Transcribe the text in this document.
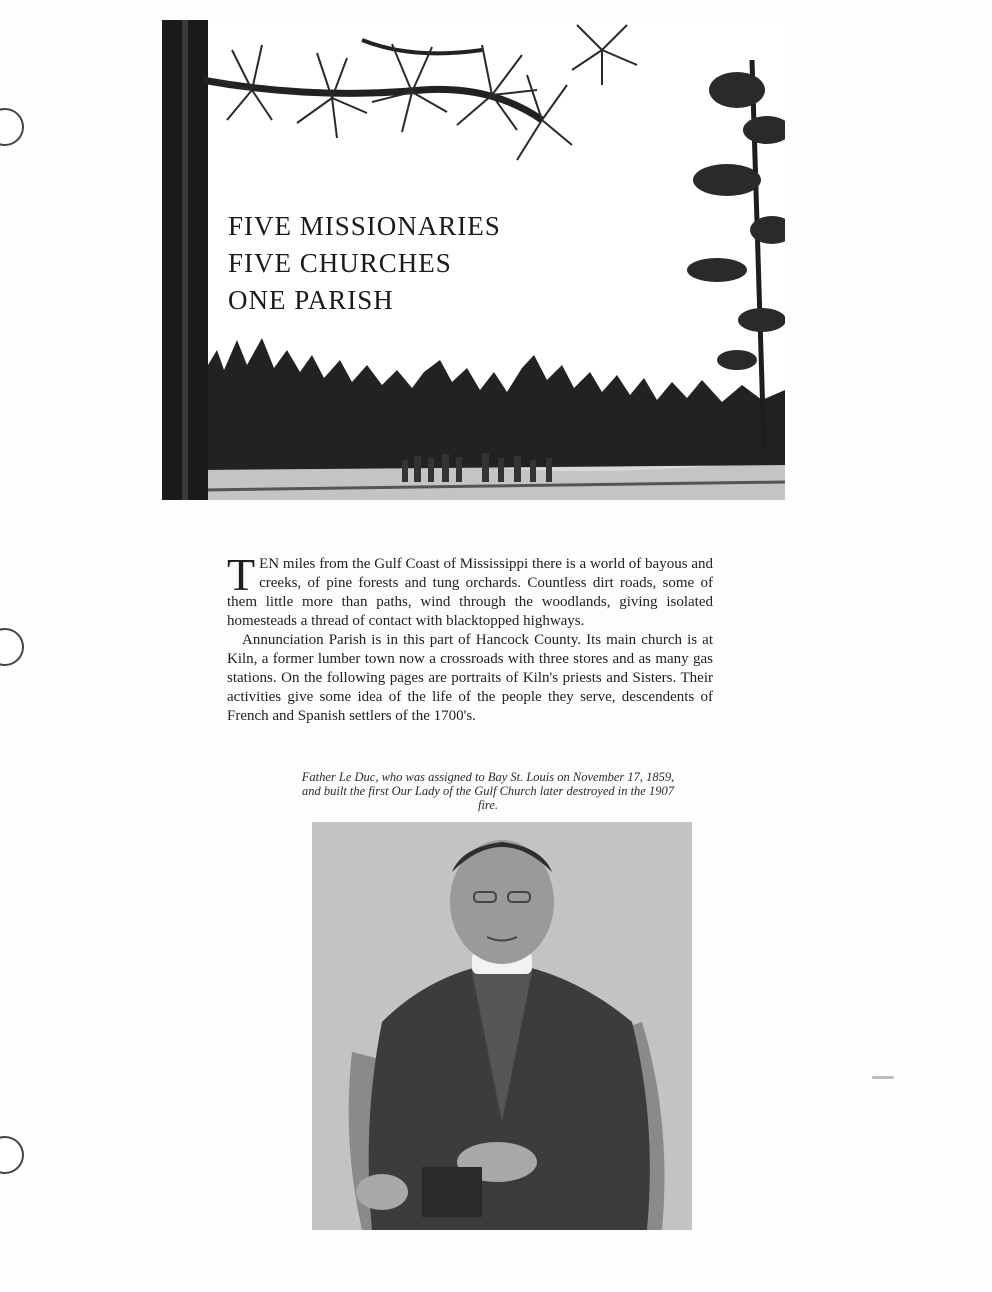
FIVE MISSIONARIES
FIVE CHURCHES
ONE PARISH

TEN miles from the Gulf Coast of Mississippi there is a world of bayous and creeks, of pine forests and tung orchards. Countless dirt roads, some of them little more than paths, wind through the woodlands, giving isolated homesteads a thread of contact with blacktopped highways.

Annunciation Parish is in this part of Hancock County. Its main church is at Kiln, a former lumber town now a crossroads with three stores and as many gas stations. On the following pages are portraits of Kiln's priests and Sisters. Their activities give some idea of the life of the people they serve, descendents of French and Spanish settlers of the 1700's.

Father Le Duc, who was assigned to Bay St. Louis on November 17, 1859, and built the first Our Lady of the Gulf Church later destroyed in the 1907 fire.
